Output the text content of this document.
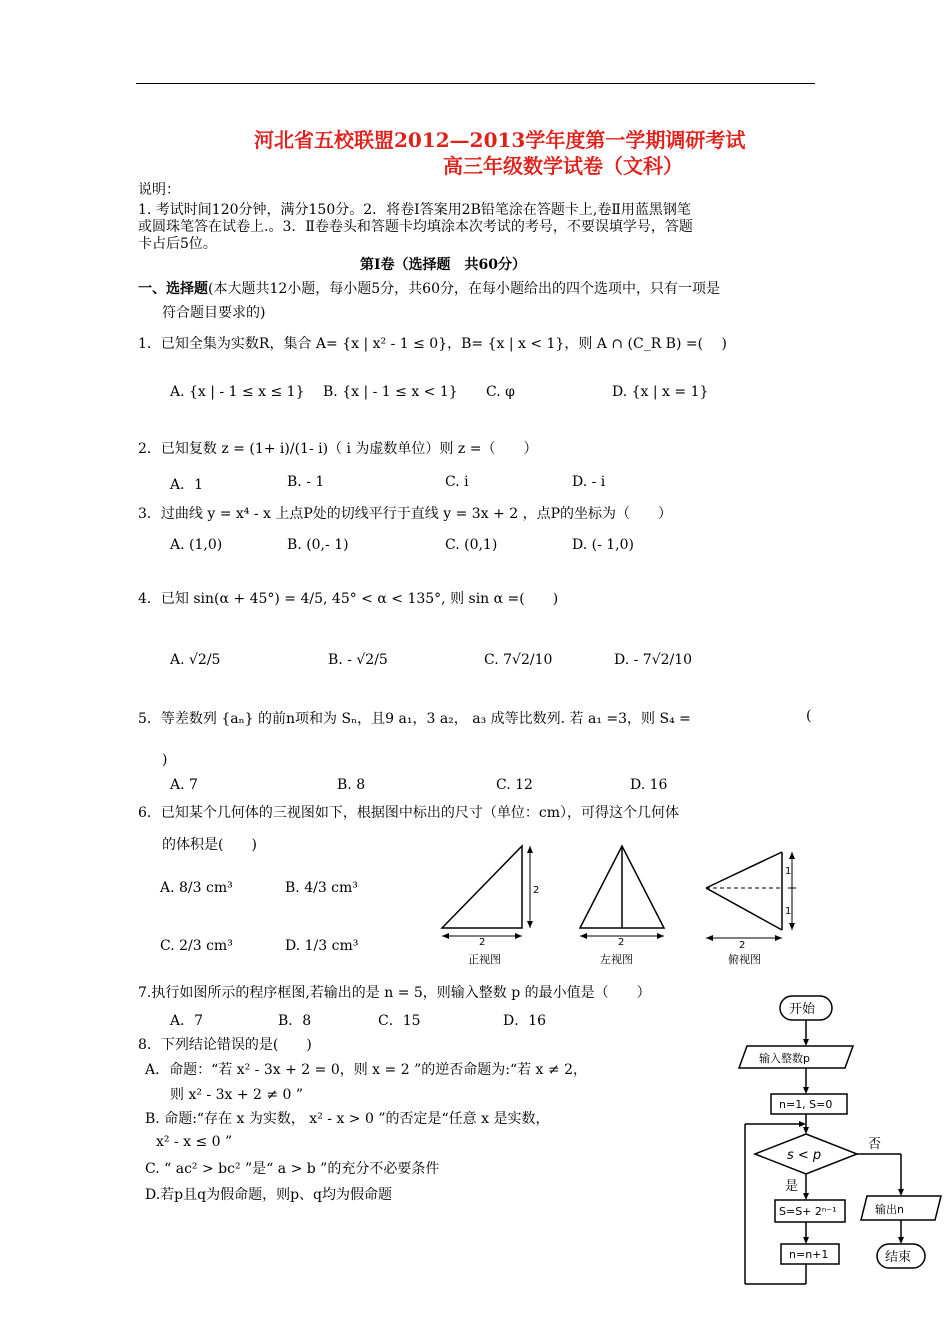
河北省五校联盟2012—2013学年度第一学期调研考试
高三年级数学试卷（文科）
说明：
1. 考试时间120分钟，满分150分。2．将卷Ⅰ答案用2B铅笔涂在答题卡上,卷Ⅱ用蓝黑钢笔
或圆珠笔答在试卷上.。3．Ⅱ卷卷头和答题卡均填涂本次考试的考号，不要误填学号，答题
卡占后5位。
第Ⅰ卷（选择题　共60分）
一、选择题(本大题共12小题，每小题5分，共60分，在每小题给出的四个选项中，只有一项是
符合题目要求的)
1．已知全集为实数R，集合 A= {x | x² - 1 ≤ 0}，B= {x | x < 1}，则 A ∩ (C_R B) =(　 )
A. {x | - 1 ≤ x ≤ 1} B. {x | - 1 ≤ x < 1} C. φ	D. {x | x = 1}
2．已知复数 z = (1+ i)/(1- i)（ i 为虚数单位）则 z =（　　）
A．1	B. - 1	C. i	D. - i
3．过曲线 y = x⁴ - x 上点P处的切线平行于直线 y = 3x + 2 ，点P的坐标为（　　）
A. (1,0)	B. (0,- 1)	C. (0,1)	D. (- 1,0)
4．已知 sin(α + 45°) = 4/5, 45° < α < 135°, 则 sin α =(　　)
A. √2/5	B. - √2/5	C. 7√2/10	D. - 7√2/10
5．等差数列 {aₙ} 的前n项和为 Sₙ，且9 a₁，3 a₂， a₃ 成等比数列. 若 a₁ =3，则 S₄ =	(
)
A. 7	B. 8	C. 12	D. 16
6．已知某个几何体的三视图如下，根据图中标出的尺寸（单位：cm），可得这个几何体
的体积是(　　)
A. 8/3 cm³	B. 4/3 cm³
C. 2/3 cm³	D. 1/3 cm³
2
2
正视图
2
左视图
1
1
2
俯视图
7.执行如图所示的程序框图,若输出的是 n = 5，则输入整数 p 的最小值是（　　）
A．7	B．8	C．15	D．16
8．下列结论错误的是(　　)
A．命题：“若 x² - 3x + 2 = 0，则 x = 2 ”的逆否命题为:“若 x ≠ 2，
则 x² - 3x + 2 ≠ 0 ”
B. 命题:“存在 x 为实数， x² - x > 0 ”的否定是“任意 x 是实数，
x² - x ≤ 0 ”
C. “ ac² > bc² ”是“ a > b ”的充分不必要条件
D.若p且q为假命题，则p、q均为假命题
开始
输入整数p
n=1, S=0
s < p
否
输出n
结束
是
S=S+ 2ⁿ⁻¹
n=n+1
